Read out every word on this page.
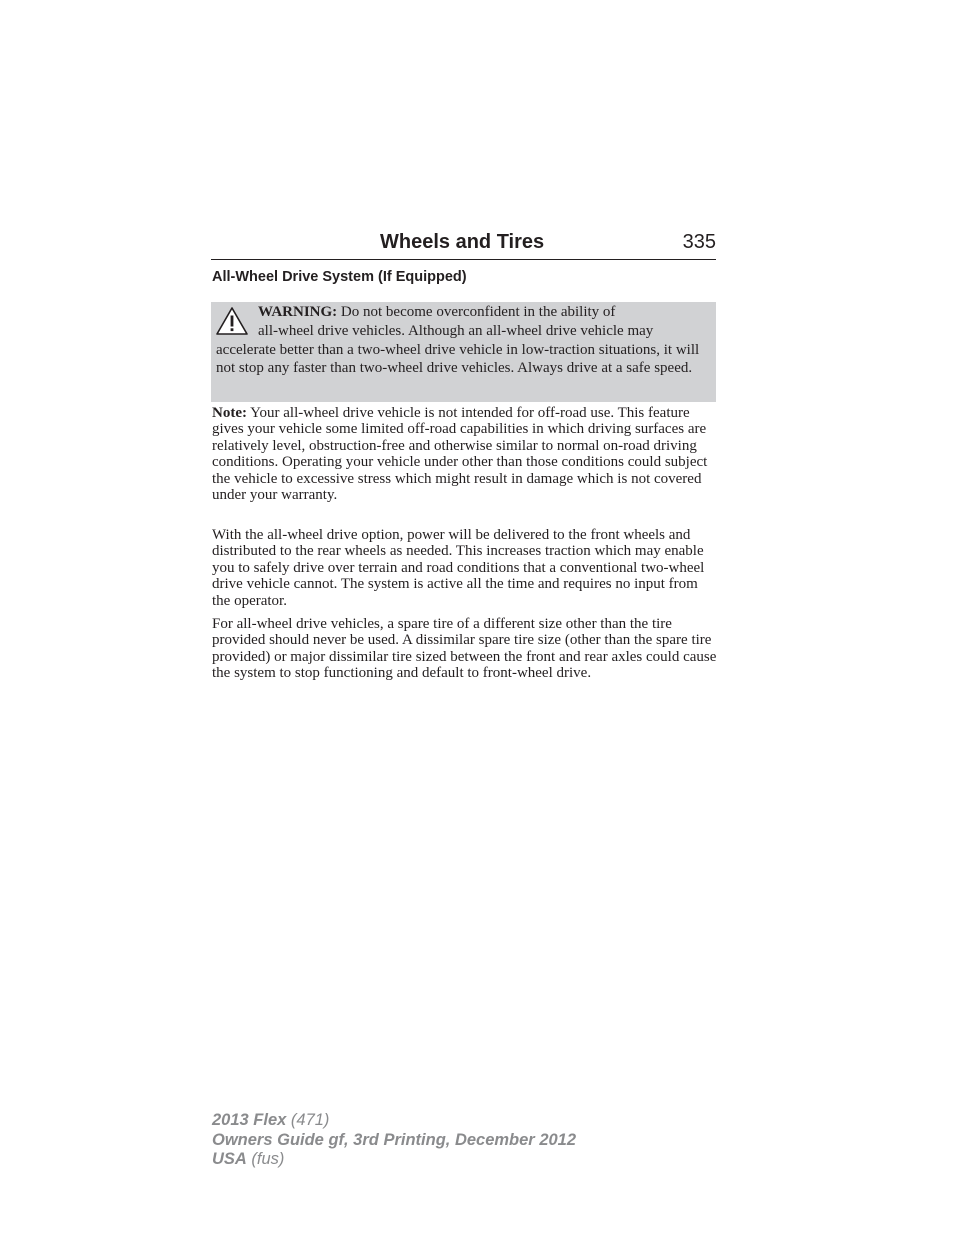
Wheels and Tires	335
All-Wheel Drive System (If Equipped)

WARNING: Do not become overconfident in the ability of
all-wheel drive vehicles. Although an all-wheel drive vehicle may
accelerate better than a two-wheel drive vehicle in low-traction situations, it will not stop any faster than two-wheel drive vehicles. Always drive at a safe speed.

Note: Your all-wheel drive vehicle is not intended for off-road use. This feature gives your vehicle some limited off-road capabilities in which driving surfaces are relatively level, obstruction-free and otherwise similar to normal on-road driving conditions. Operating your vehicle under other than those conditions could subject the vehicle to excessive stress which might result in damage which is not covered under your warranty.

With the all-wheel drive option, power will be delivered to the front wheels and distributed to the rear wheels as needed. This increases traction which may enable you to safely drive over terrain and road conditions that a conventional two-wheel drive vehicle cannot. The system is active all the time and requires no input from the operator.

For all-wheel drive vehicles, a spare tire of a different size other than the tire provided should never be used. A dissimilar spare tire size (other than the spare tire provided) or major dissimilar tire sized between the front and rear axles could cause the system to stop functioning and default to front-wheel drive.

2013 Flex (471)
Owners Guide gf, 3rd Printing, December 2012
USA (fus)
